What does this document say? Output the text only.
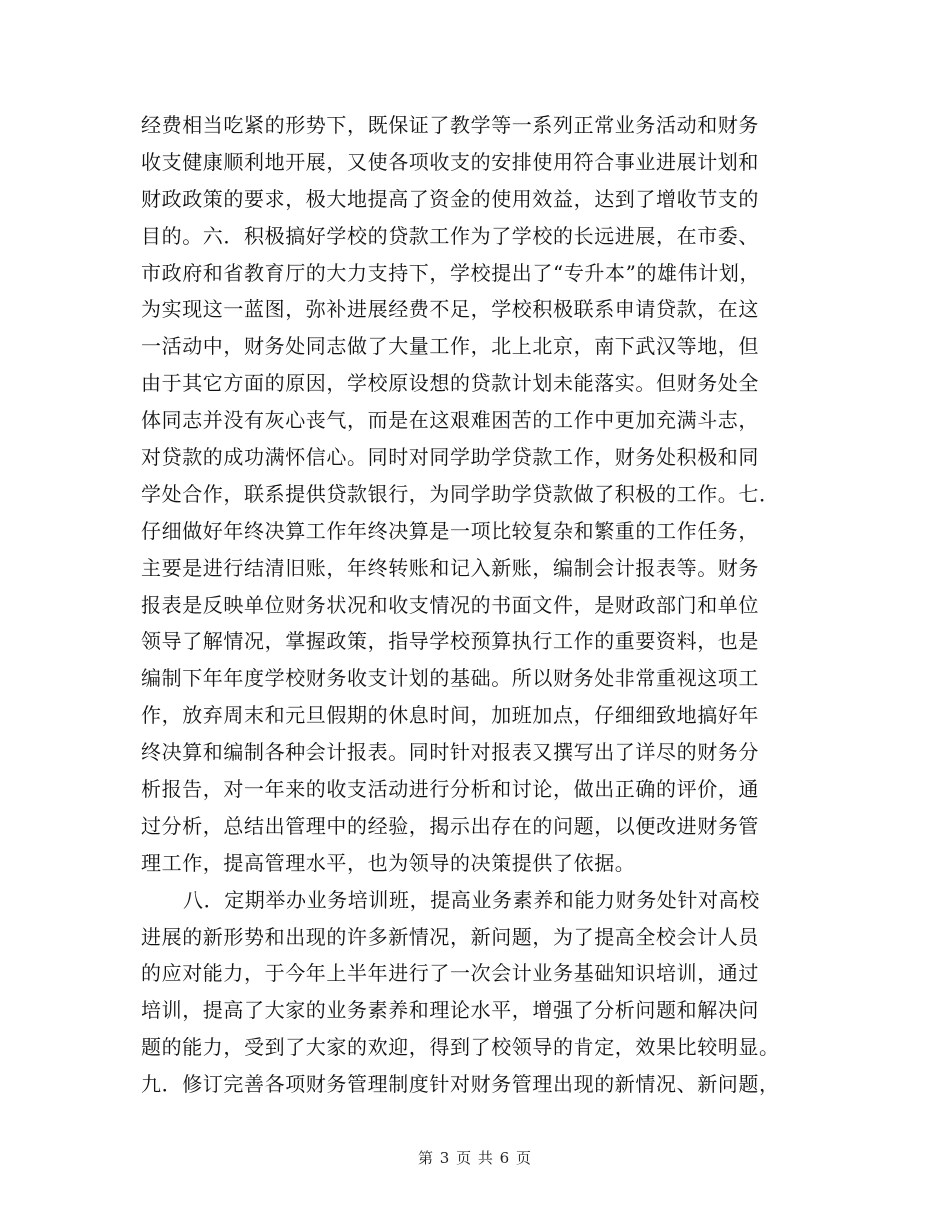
经费相当吃紧的形势下，既保证了教学等一系列正常业务活动和财务
收支健康顺利地开展，又使各项收支的安排使用符合事业进展计划和
财政政策的要求，极大地提高了资金的使用效益，达到了增收节支的
目的。六．积极搞好学校的贷款工作为了学校的长远进展，在市委、
市政府和省教育厅的大力支持下，学校提出了“专升本”的雄伟计划，
为实现这一蓝图，弥补进展经费不足，学校积极联系申请贷款，在这
一活动中，财务处同志做了大量工作，北上北京，南下武汉等地，但
由于其它方面的原因，学校原设想的贷款计划未能落实。但财务处全
体同志并没有灰心丧气，而是在这艰难困苦的工作中更加充满斗志，
对贷款的成功满怀信心。同时对同学助学贷款工作，财务处积极和同
学处合作，联系提供贷款银行，为同学助学贷款做了积极的工作。七．
仔细做好年终决算工作年终决算是一项比较复杂和繁重的工作任务，
主要是进行结清旧账，年终转账和记入新账，编制会计报表等。财务
报表是反映单位财务状况和收支情况的书面文件，是财政部门和单位
领导了解情况，掌握政策，指导学校预算执行工作的重要资料，也是
编制下年年度学校财务收支计划的基础。所以财务处非常重视这项工
作，放弃周末和元旦假期的休息时间，加班加点，仔细细致地搞好年
终决算和编制各种会计报表。同时针对报表又撰写出了详尽的财务分
析报告，对一年来的收支活动进行分析和讨论，做出正确的评价，通
过分析，总结出管理中的经验，揭示出存在的问题，以便改进财务管
理工作，提高管理水平，也为领导的决策提供了依据。
八．定期举办业务培训班，提高业务素养和能力财务处针对高校
进展的新形势和出现的许多新情况，新问题，为了提高全校会计人员
的应对能力，于今年上半年进行了一次会计业务基础知识培训，通过
培训，提高了大家的业务素养和理论水平，增强了分析问题和解决问
题的能力，受到了大家的欢迎，得到了校领导的肯定，效果比较明显。
九．修订完善各项财务管理制度针对财务管理出现的新情况、新问题，
第 3 页 共 6 页
